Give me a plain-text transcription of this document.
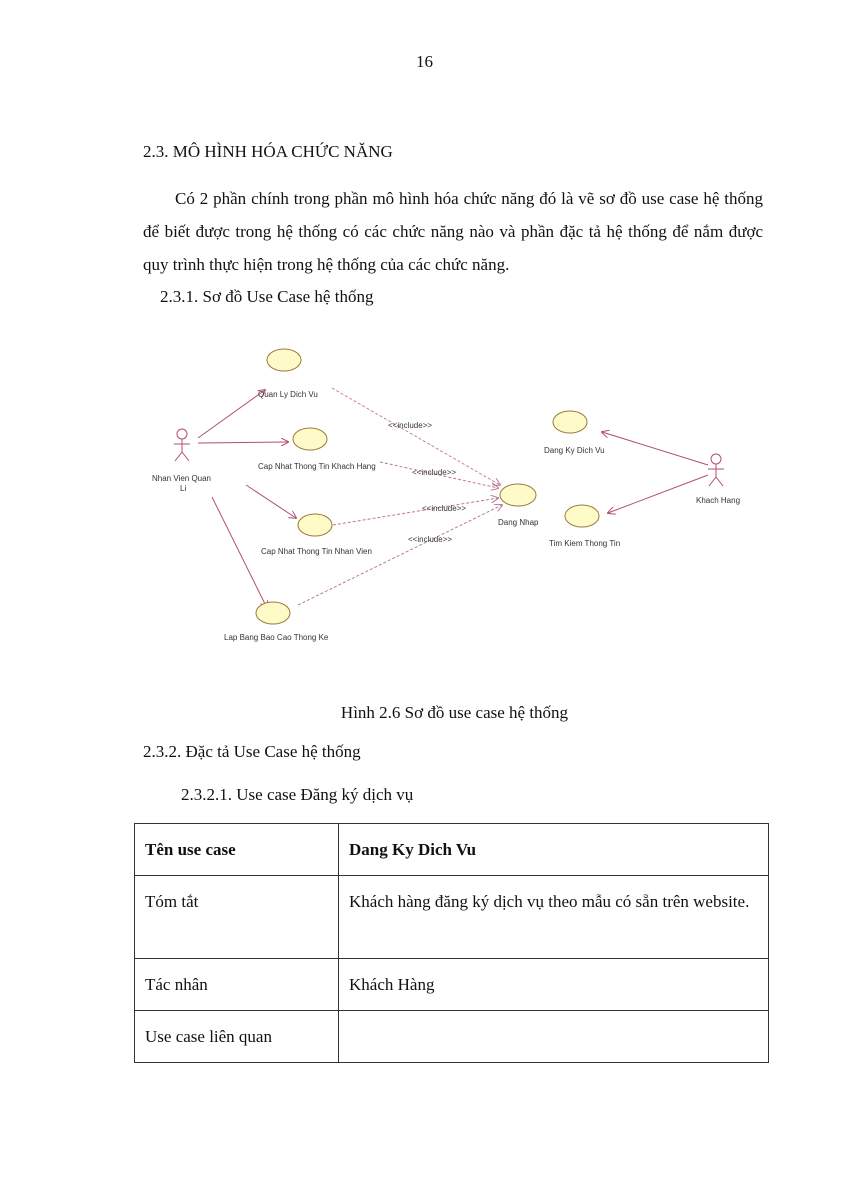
16
2.3. MÔ HÌNH HÓA CHỨC NĂNG

Có 2 phần chính trong phần mô hình hóa chức năng đó là vẽ sơ đồ use case hệ thống để biết được trong hệ thống có các chức năng nào và phần đặc tả hệ thống để nắm được quy trình thực hiện trong hệ thống của các chức năng.

2.3.1. Sơ đồ Use Case hệ thống
<<include>>
<<include>>
<<include>>
<<include>>
Quan Ly Dich Vu
Cap Nhat Thong Tin Khach Hang
Cap Nhat Thong Tin Nhan Vien
Lap Bang Bao Cao Thong Ke
Dang Nhap
Dang Ky Dich Vu
Tim Kiem Thong Tin
Nhan Vien Quan
Li
Khach Hang
Hình 2.6 Sơ đồ use case hệ thống
2.3.2. Đặc tả Use Case hệ thống
2.3.2.1. Use case Đăng ký dịch vụ
Tên use case	Dang Ky Dich Vu
Tóm tắt	Khách hàng đăng ký dịch vụ theo mẫu có sẵn trên website.
Tác nhân	Khách Hàng
Use case liên quan	
